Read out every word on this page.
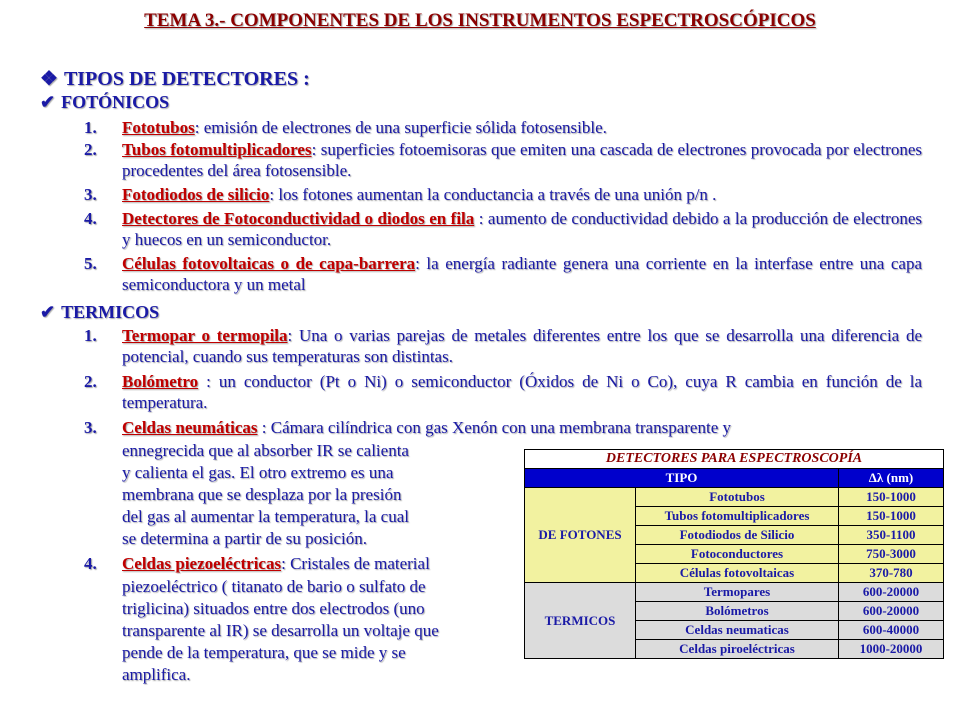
TEMA 3.- COMPONENTES DE LOS INSTRUMENTOS ESPECTROSCÓPICOS
❖ TIPOS DE DETECTORES :
✔ FOTÓNICOS
1. Fototubos: emisión de electrones de una superficie sólida fotosensible.
2. Tubos fotomultiplicadores: superficies fotoemisoras que emiten una cascada de electrones provocada por electrones procedentes del área fotosensible.
3. Fotodiodos de silicio: los fotones aumentan la conductancia a través de una unión p/n .
4. Detectores de Fotoconductividad o diodos en fila : aumento de conductividad debido a la producción de electrones y huecos en un semiconductor.
5. Células fotovoltaicas o de capa-barrera: la energía radiante genera una corriente en la interfase entre una capa semiconductora y un metal
✔ TERMICOS
1. Termopar o termopila: Una o varias parejas de metales diferentes entre los que se desarrolla una diferencia de potencial, cuando sus temperaturas son distintas.
2. Bolómetro : un conductor (Pt o Ni) o semiconductor (Óxidos de Ni o Co), cuya R cambia en función de la temperatura.
3. Celdas neumáticas : Cámara cilíndrica con gas Xenón con una membrana transparente y
ennegrecida que al absorber IR se calienta
y calienta el gas. El otro extremo es una
membrana que se desplaza por la presión
del gas al aumentar la temperatura, la cual
se determina a partir de su posición.
4. Celdas piezoeléctricas: Cristales de material
piezoeléctrico ( titanato de bario o sulfato de
triglicina) situados entre dos electrodos (uno
transparente al IR) se desarrolla un voltaje que
pende de la temperatura, que se mide y se
amplifica.
DETECTORES PARA ESPECTROSCOPÍA		
TIPO		Δλ (nm)
DE FOTONES	Fototubos	150-1000
	Tubos fotomultiplicadores	150-1000
	Fotodiodos de Silicio	350-1100
	Fotoconductores	750-3000
	Células fotovoltaicas	370-780
TERMICOS	Termopares	600-20000
	Bolómetros	600-20000
	Celdas neumaticas	600-40000
	Celdas piroeléctricas	1000-20000
